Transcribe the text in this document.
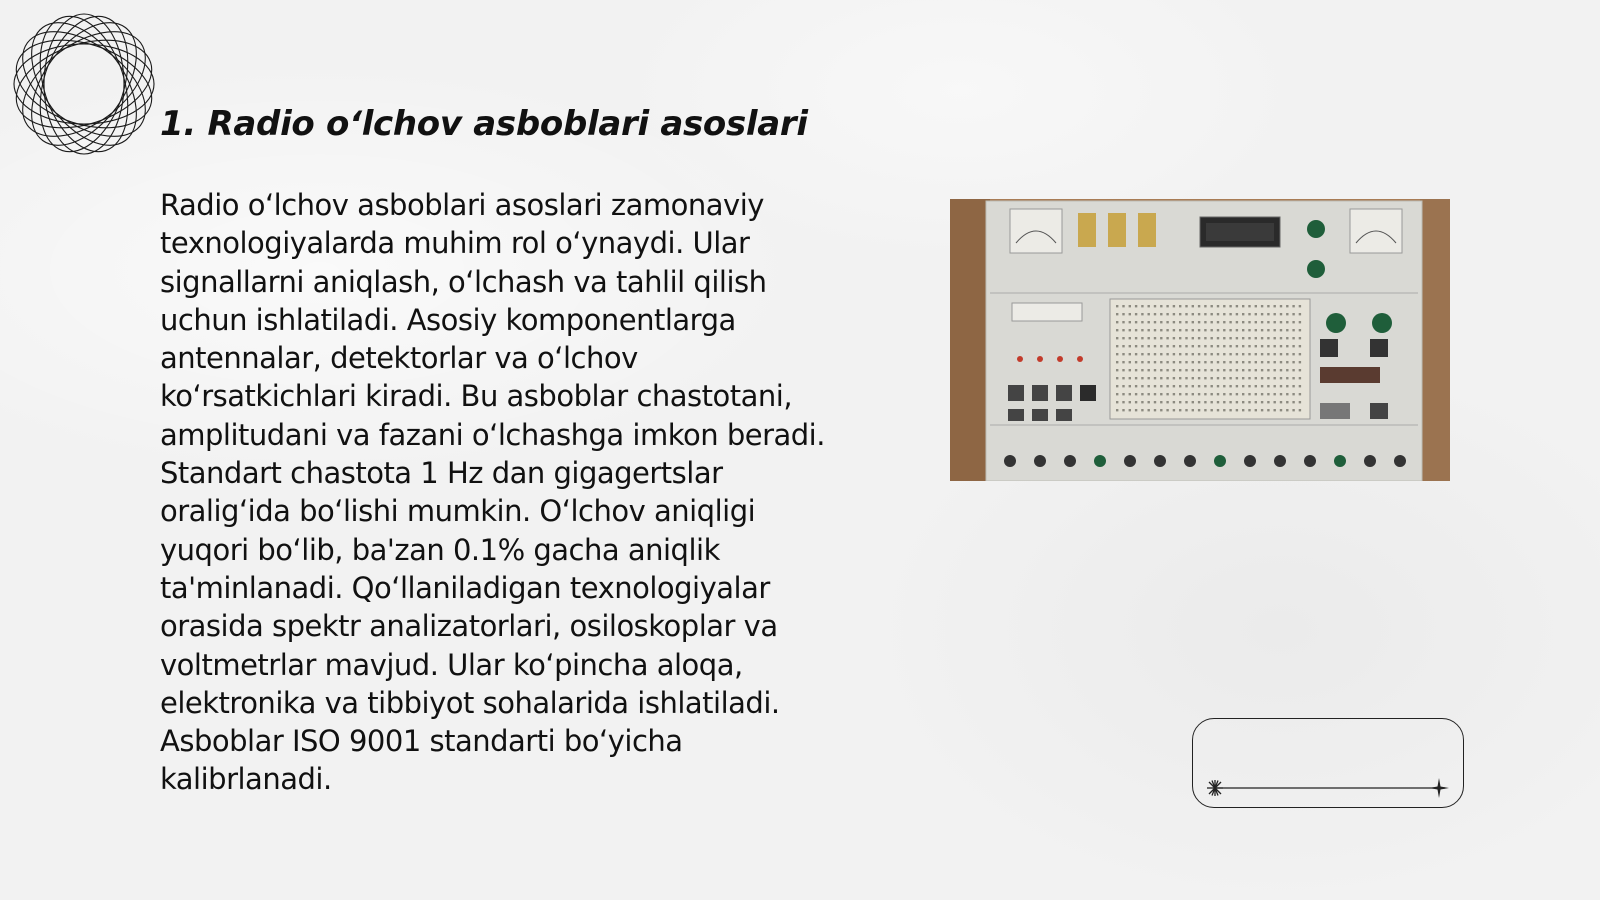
1. Radio oʻlchov asboblari asoslari

Radio oʻlchov asboblari asoslari zamonaviy texnologiyalarda muhim rol oʻynaydi. Ular signallarni aniqlash, oʻlchash va tahlil qilish uchun ishlatiladi. Asosiy komponentlarga antennalar, detektorlar va oʻlchov koʻrsatkichlari kiradi. Bu asboblar chastotani, amplitudani va fazani oʻlchashga imkon beradi. Standart chastota 1 Hz dan gigagertslar oraligʻida boʻlishi mumkin. Oʻlchov aniqligi yuqori boʻlib, ba'zan 0.1% gacha aniqlik ta'minlanadi. Qoʻllaniladigan texnologiyalar orasida spektr analizatorlari, osiloskoplar va voltmetrlar mavjud. Ular koʻpincha aloqa, elektronika va tibbiyot sohalarida ishlatiladi. Asboblar ISO 9001 standarti boʻyicha kalibrlanadi.
